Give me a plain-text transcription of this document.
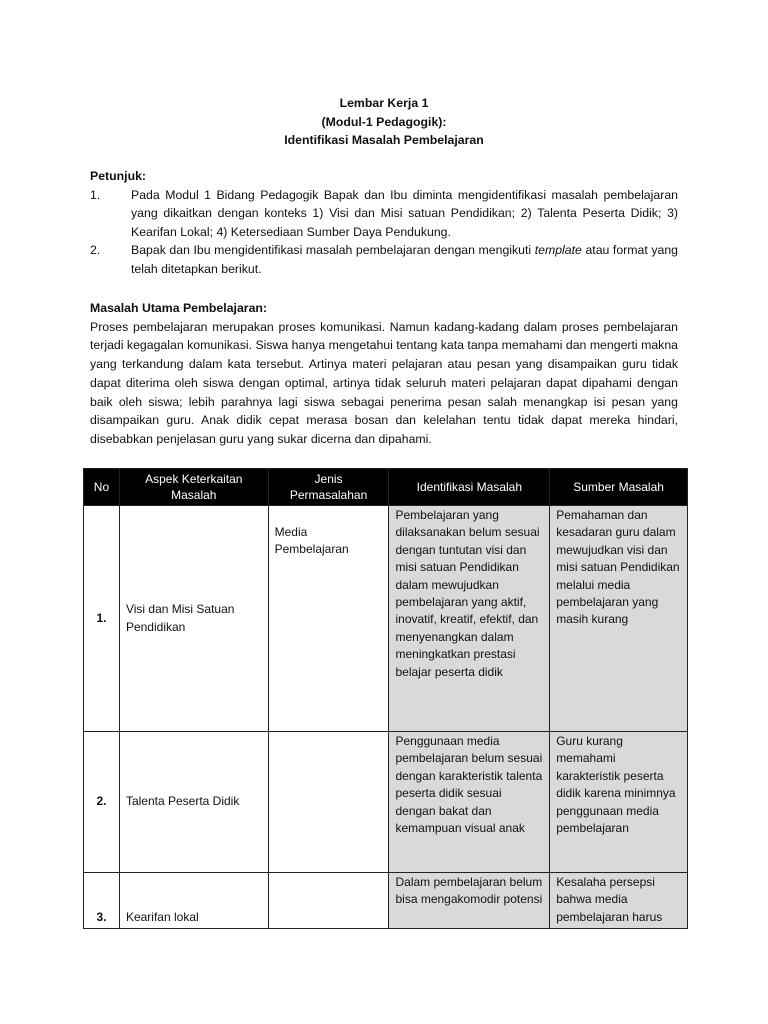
Lembar Kerja 1
(Modul-1 Pedagogik):
Identifikasi Masalah Pembelajaran
Petunjuk:
1.	Pada Modul 1 Bidang Pedagogik Bapak dan Ibu diminta mengidentifikasi masalah pembelajaran yang dikaitkan dengan konteks 1) Visi dan Misi satuan Pendidikan; 2) Talenta Peserta Didik; 3) Kearifan Lokal; 4) Ketersediaan Sumber Daya Pendukung.
2.	Bapak dan Ibu mengidentifikasi masalah pembelajaran dengan mengikuti template atau format yang telah ditetapkan berikut.
Masalah Utama Pembelajaran:

Proses pembelajaran merupakan proses komunikasi. Namun kadang-kadang dalam proses pembelajaran terjadi kegagalan komunikasi. Siswa hanya mengetahui tentang kata tanpa memahami dan mengerti makna yang terkandung dalam kata tersebut. Artinya materi pelajaran atau pesan yang disampaikan guru tidak dapat diterima oleh siswa dengan optimal, artinya tidak seluruh materi pelajaran dapat dipahami dengan baik oleh siswa; lebih parahnya lagi siswa sebagai penerima pesan salah menangkap isi pesan yang disampaikan guru. Anak didik cepat merasa bosan dan kelelahan tentu tidak dapat mereka hindari, disebabkan penjelasan guru yang sukar dicerna dan dipahami.

No	Aspek Keterkaitan Masalah	Jenis Permasalahan	Identifikasi Masalah	Sumber Masalah
1.	Visi dan Misi Satuan Pendidikan	Media Pembelajaran	Pembelajaran yang dilaksanakan belum sesuai dengan tuntutan visi dan misi satuan Pendidikan dalam mewujudkan pembelajaran yang aktif, inovatif, kreatif, efektif, dan menyenangkan dalam meningkatkan prestasi belajar peserta didik	Pemahaman dan kesadaran guru dalam mewujudkan visi dan misi satuan Pendidikan melalui media pembelajaran yang masih kurang
2.	Talenta Peserta Didik		Penggunaan media pembelajaran belum sesuai dengan karakteristik talenta peserta didik sesuai dengan bakat dan kemampuan visual anak	Guru kurang memahami karakteristik peserta didik karena minimnya penggunaan media pembelajaran
3.	Kearifan lokal		Dalam pembelajaran belum bisa mengakomodir potensi	Kesalaha persepsi bahwa media pembelajaran harus
